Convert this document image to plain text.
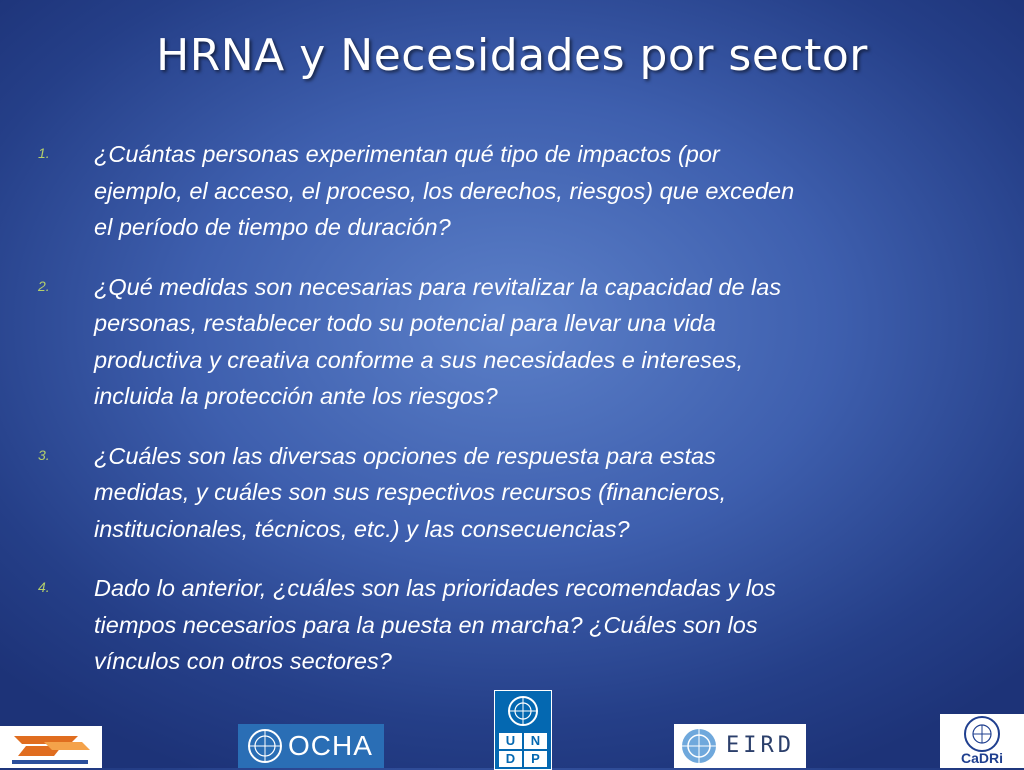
HRNA y Necesidades por sector
1. ¿Cuántas personas experimentan qué tipo de impactos (por
ejemplo, el acceso, el proceso, los derechos, riesgos) que exceden
el período de tiempo de duración?
2. ¿Qué medidas son necesarias para revitalizar la capacidad de las
personas, restablecer todo su potencial para llevar una vida
productiva y creativa conforme a sus necesidades e intereses,
incluida la protección ante los riesgos?
3. ¿Cuáles son las diversas opciones de respuesta para estas
medidas, y cuáles son sus respectivos recursos (financieros,
institucionales, técnicos, etc.) y las consecuencias?
4. Dado lo anterior, ¿cuáles son las prioridades recomendadas y los
tiempos necesarios para la puesta en marcha? ¿Cuáles son los
vínculos con otros sectores?
OCHA	U	N
D	P
EIRD	CaDRi
